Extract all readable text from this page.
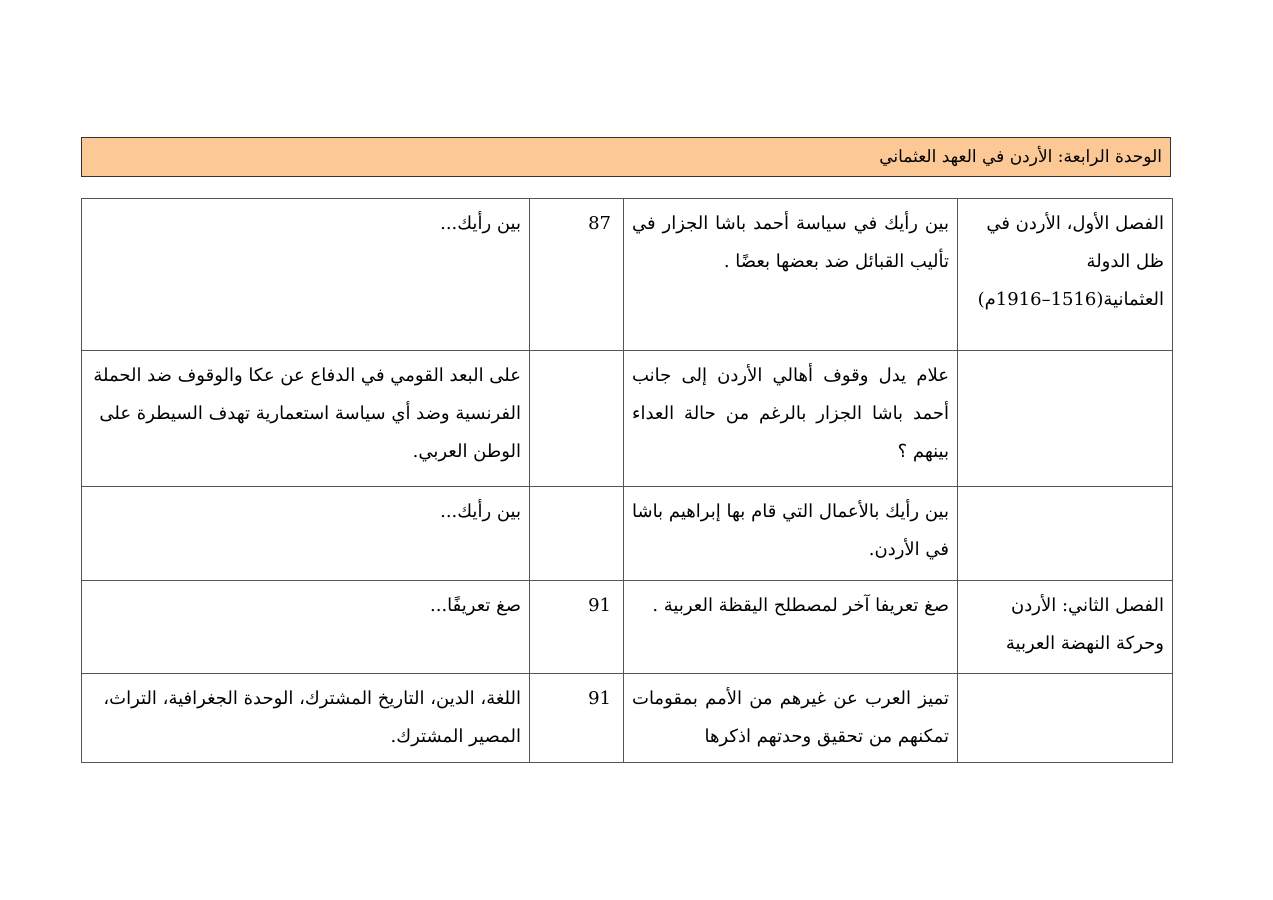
الوحدة الرابعة: الأردن في العهد العثماني
الفصل الأول، الأردن في ظل الدولة العثمانية(1516–1916م)	بين رأيك في سياسة أحمد باشا الجزار في تأليب القبائل ضد بعضها بعضًا .	87	بين رأيك...
	علام يدل وقوف أهالي الأردن إلى جانب أحمد باشا الجزار بالرغم من حالة العداء بينهم ؟		على البعد القومي في الدفاع عن عكا والوقوف ضد الحملة الفرنسية وضد أي سياسة استعمارية تهدف السيطرة على الوطن العربي.
	بين رأيك بالأعمال التي قام بها إبراهيم باشا في الأردن.		بين رأيك...
الفصل الثاني: الأردن وحركة النهضة العربية	صغ تعريفا آخر لمصطلح اليقظة العربية .	91	صغ تعريفًا...
	تميز العرب عن غيرهم من الأمم بمقومات تمكنهم من تحقيق وحدتهم اذكرها	91	اللغة، الدين، التاريخ المشترك، الوحدة الجغرافية، التراث، المصير المشترك.
